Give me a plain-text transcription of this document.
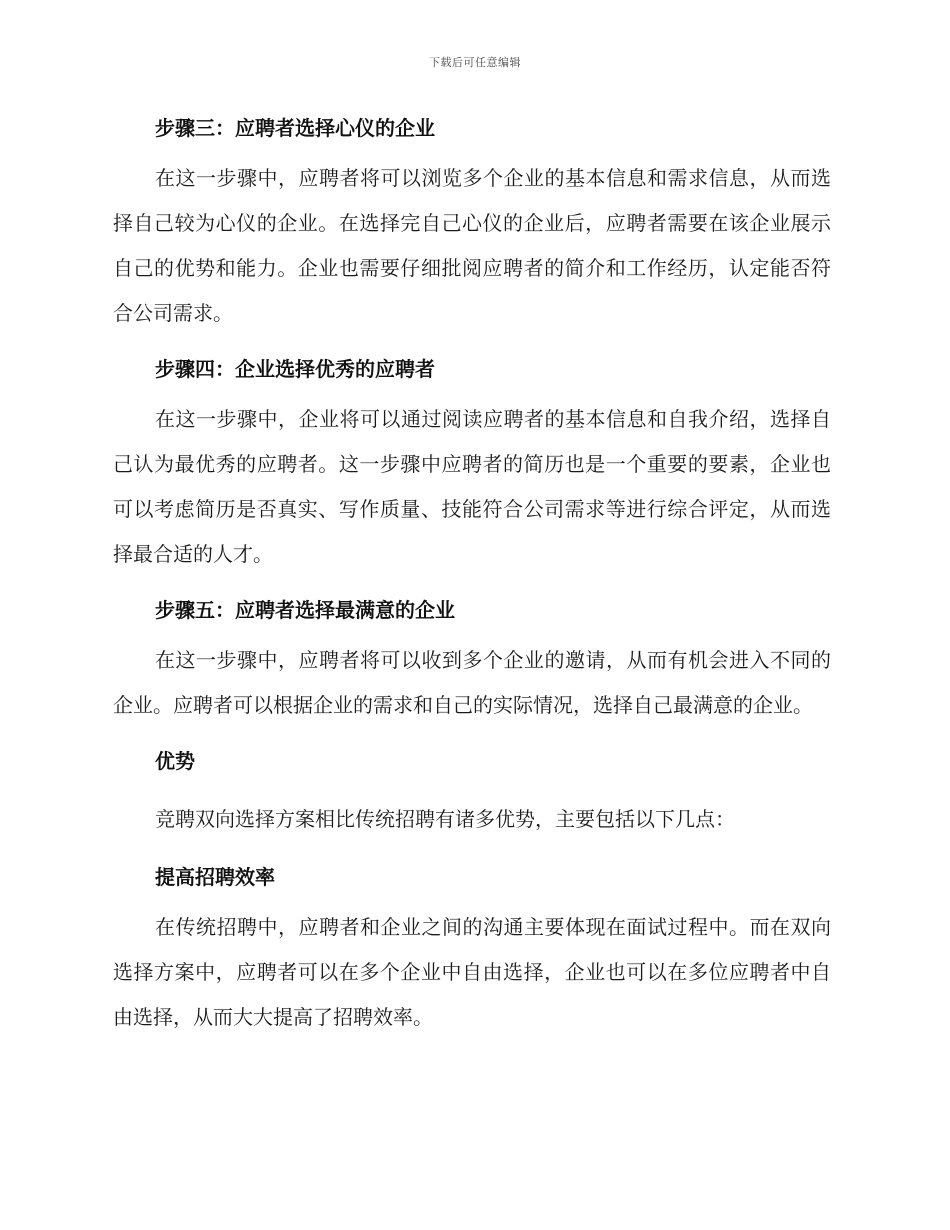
下载后可任意编辑
步骤三：应聘者选择心仪的企业

在这一步骤中，应聘者将可以浏览多个企业的基本信息和需求信息，从而选择自己较为心仪的企业。在选择完自己心仪的企业后，应聘者需要在该企业展示自己的优势和能力。企业也需要仔细批阅应聘者的简介和工作经历，认定能否符合公司需求。

步骤四：企业选择优秀的应聘者

在这一步骤中，企业将可以通过阅读应聘者的基本信息和自我介绍，选择自己认为最优秀的应聘者。这一步骤中应聘者的简历也是一个重要的要素，企业也可以考虑简历是否真实、写作质量、技能符合公司需求等进行综合评定，从而选择最合适的人才。

步骤五：应聘者选择最满意的企业

在这一步骤中，应聘者将可以收到多个企业的邀请，从而有机会进入不同的企业。应聘者可以根据企业的需求和自己的实际情况，选择自己最满意的企业。

优势

竞聘双向选择方案相比传统招聘有诸多优势，主要包括以下几点：

提高招聘效率

在传统招聘中，应聘者和企业之间的沟通主要体现在面试过程中。而在双向选择方案中，应聘者可以在多个企业中自由选择，企业也可以在多位应聘者中自由选择，从而大大提高了招聘效率。
